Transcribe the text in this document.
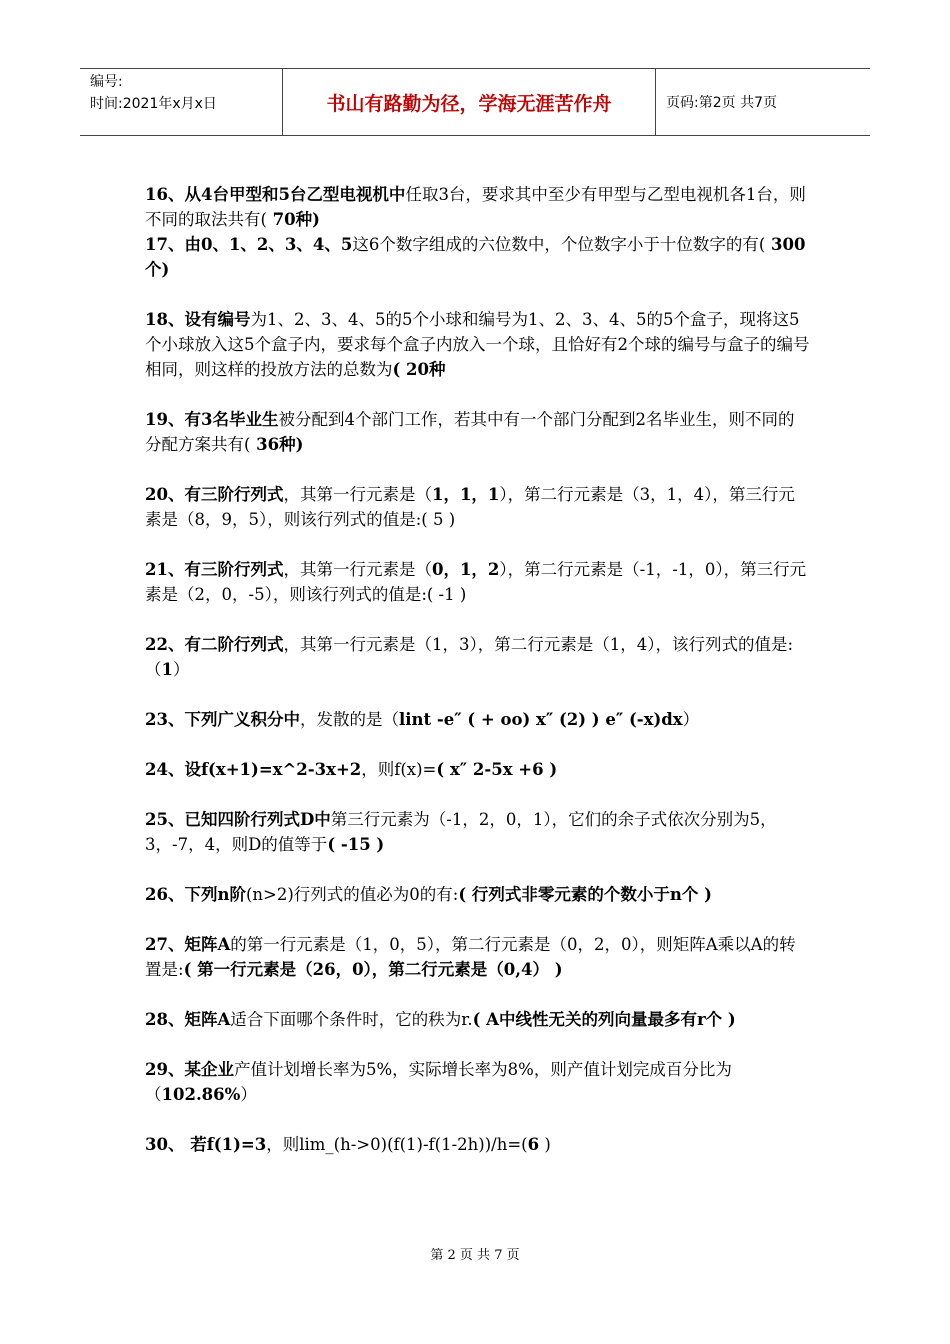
编号:
时间:2021年x月x日	书山有路勤为径，学海无涯苦作舟	页码:第2页 共7页

16、从4台甲型和5台乙型电视机中任取3台，要求其中至少有甲型与乙型电视机各1台，则不同的取法共有( 70种)

17、由0、1、2、3、4、5这6个数字组成的六位数中，个位数字小于十位数字的有( 300个)

18、设有编号为1、2、3、4、5的5个小球和编号为1、2、3、4、5的5个盒子，现将这5个小球放入这5个盒子内，要求每个盒子内放入一个球，且恰好有2个球的编号与盒子的编号相同，则这样的投放方法的总数为( 20种

19、有3名毕业生被分配到4个部门工作，若其中有一个部门分配到2名毕业生，则不同的分配方案共有( 36种)

20、有三阶行列式，其第一行元素是（1，1，1），第二行元素是（3，1，4），第三行元素是（8，9，5），则该行列式的值是:( 5 )

21、有三阶行列式，其第一行元素是（0，1，2），第二行元素是（-1，-1，0），第三行元素是（2，0，-5），则该行列式的值是:( -1 )

22、有二阶行列式，其第一行元素是（1，3），第二行元素是（1，4），该行列式的值是:（1）

23、下列广义积分中，发散的是（lint -e″ ( + oo) x″ (2) ) e″ (-x)dx）

24、设f(x+1)=x^2-3x+2，则f(x)=( x″ 2-5x +6 )

25、已知四阶行列式D中第三行元素为（-1，2，0，1），它们的余子式依次分别为5，3，-7，4，则D的值等于( -15 )

26、下列n阶(n>2)行列式的值必为0的有:( 行列式非零元素的个数小于n个 )

27、矩阵A的第一行元素是（1，0，5），第二行元素是（0，2，0），则矩阵A乘以A的转置是:( 第一行元素是（26，0），第二行元素是（0,4） )

28、矩阵A适合下面哪个条件时，它的秩为r.( A中线性无关的列向量最多有r个 )

29、某企业产值计划增长率为5%，实际增长率为8%，则产值计划完成百分比为（102.86%）

30、 若f(1)=3，则lim_(h->0)(f(1)-f(1-2h))/h=(6 )

第 2 页 共 7 页
